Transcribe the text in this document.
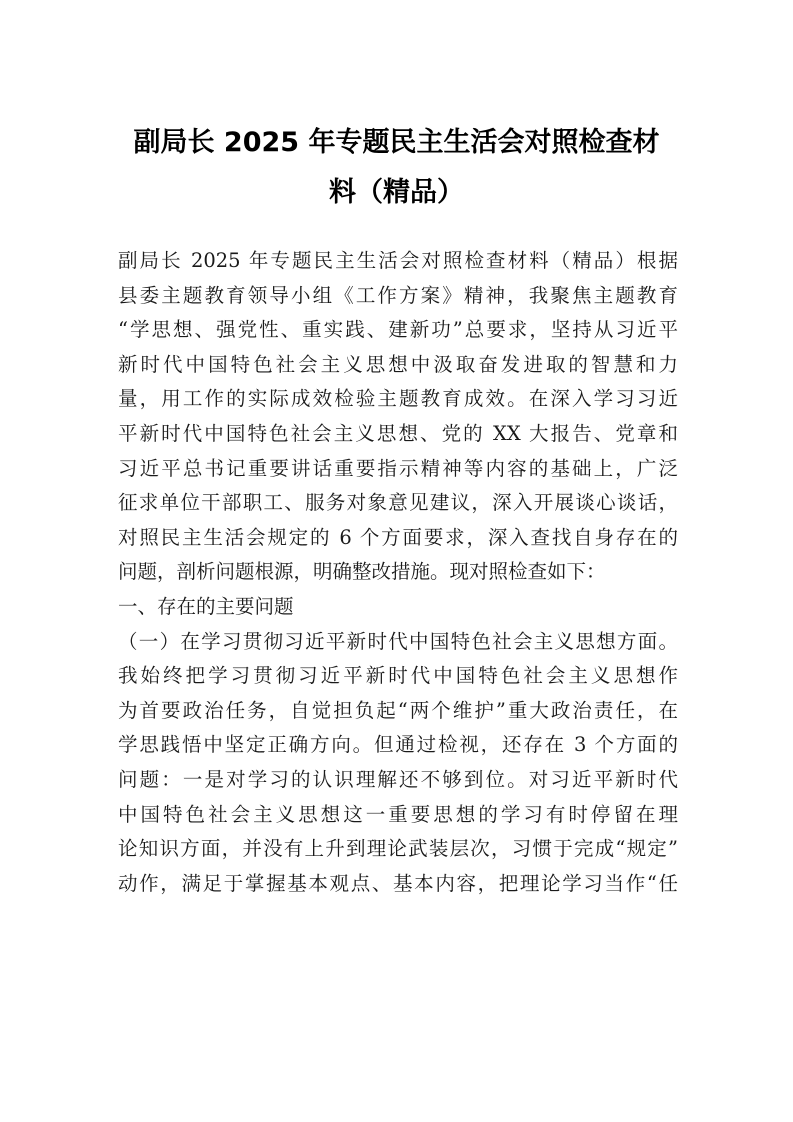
副局长 2025 年专题民主生活会对照检查材
料（精品）
副局长 2025 年专题民主生活会对照检查材料（精品）根据
县委主题教育领导小组《工作方案》精神，我聚焦主题教育
“学思想、强党性、重实践、建新功”总要求，坚持从习近平
新时代中国特色社会主义思想中汲取奋发进取的智慧和力
量，用工作的实际成效检验主题教育成效。在深入学习习近
平新时代中国特色社会主义思想、党的 XX 大报告、党章和
习近平总书记重要讲话重要指示精神等内容的基础上，广泛
征求单位干部职工、服务对象意见建议，深入开展谈心谈话，
对照民主生活会规定的 6 个方面要求，深入查找自身存在的
问题，剖析问题根源，明确整改措施。现对照检查如下：
一、存在的主要问题
（一）在学习贯彻习近平新时代中国特色社会主义思想方面。
我始终把学习贯彻习近平新时代中国特色社会主义思想作
为首要政治任务，自觉担负起“两个维护”重大政治责任，在
学思践悟中坚定正确方向。但通过检视，还存在 3 个方面的
问题：一是对学习的认识理解还不够到位。对习近平新时代
中国特色社会主义思想这一重要思想的学习有时停留在理
论知识方面，并没有上升到理论武装层次，习惯于完成“规定”
动作，满足于掌握基本观点、基本内容，把理论学习当作“任
